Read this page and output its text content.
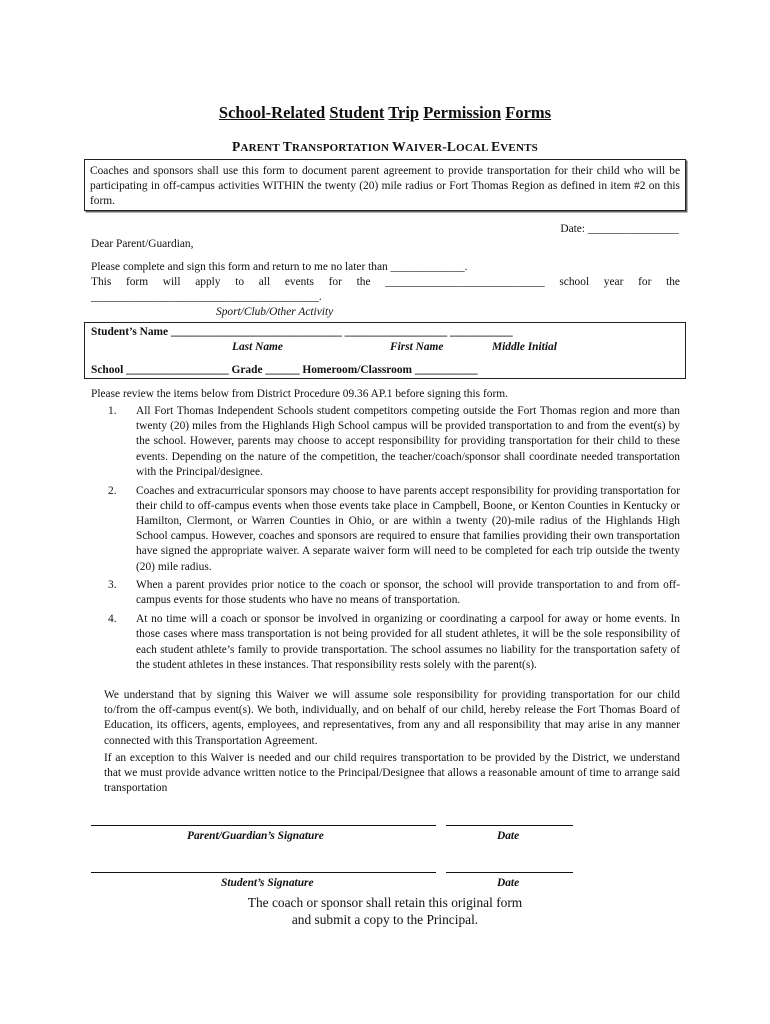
School-Related Student Trip Permission Forms
PARENT TRANSPORTATION WAIVER-LOCAL EVENTS
Coaches and sponsors shall use this form to document parent agreement to provide transportation for their child who will be participating in off-campus activities WITHIN the twenty (20) mile radius or Fort Thomas Region as defined in item #2 on this form.
Date: ________________
Dear Parent/Guardian,
Please complete and sign this form and return to me no later than _____________.
This form will apply to all events for the ____________________________ school year for the
________________________________________.
Sport/Club/Other Activity
Student’s Name ______________________________ __________________ ___________
Last Name	First Name	Middle Initial
School __________________ Grade ______ Homeroom/Classroom ___________
Please review the items below from District Procedure 09.36 AP.1 before signing this form.
1. All Fort Thomas Independent Schools student competitors competing outside the Fort Thomas region and more than twenty (20) miles from the Highlands High School campus will be provided transportation to and from the event(s) by the school. However, parents may choose to accept responsibility for providing transportation for their child to these events. Depending on the nature of the competition, the teacher/coach/sponsor shall coordinate needed transportation with the Principal/designee.
2. Coaches and extracurricular sponsors may choose to have parents accept responsibility for providing transportation for their child to off-campus events when those events take place in Campbell, Boone, or Kenton Counties in Kentucky or Hamilton, Clermont, or Warren Counties in Ohio, or are within a twenty (20)-mile radius of the Highlands High School campus. However, coaches and sponsors are required to ensure that families providing their own transportation have signed the appropriate waiver. A separate waiver form will need to be completed for each trip outside the twenty (20) mile radius.
3. When a parent provides prior notice to the coach or sponsor, the school will provide transportation to and from off-campus events for those students who have no means of transportation.
4. At no time will a coach or sponsor be involved in organizing or coordinating a carpool for away or home events. In those cases where mass transportation is not being provided for all student athletes, it will be the sole responsibility of each student athlete’s family to provide transportation. The school assumes no liability for the transportation safety of the student athletes in these instances. That responsibility rests solely with the parent(s).
We understand that by signing this Waiver we will assume sole responsibility for providing transportation for our child to/from the off-campus event(s). We both, individually, and on behalf of our child, hereby release the Fort Thomas Board of Education, its officers, agents, employees, and representatives, from any and all responsibility that may arise in any manner connected with this Transportation Agreement.
If an exception to this Waiver is needed and our child requires transportation to be provided by the District, we understand that we must provide advance written notice to the Principal/Designee that allows a reasonable amount of time to arrange said transportation
Parent/Guardian’s Signature	Date
Student’s Signature	Date
The coach or sponsor shall retain this original form
and submit a copy to the Principal.
